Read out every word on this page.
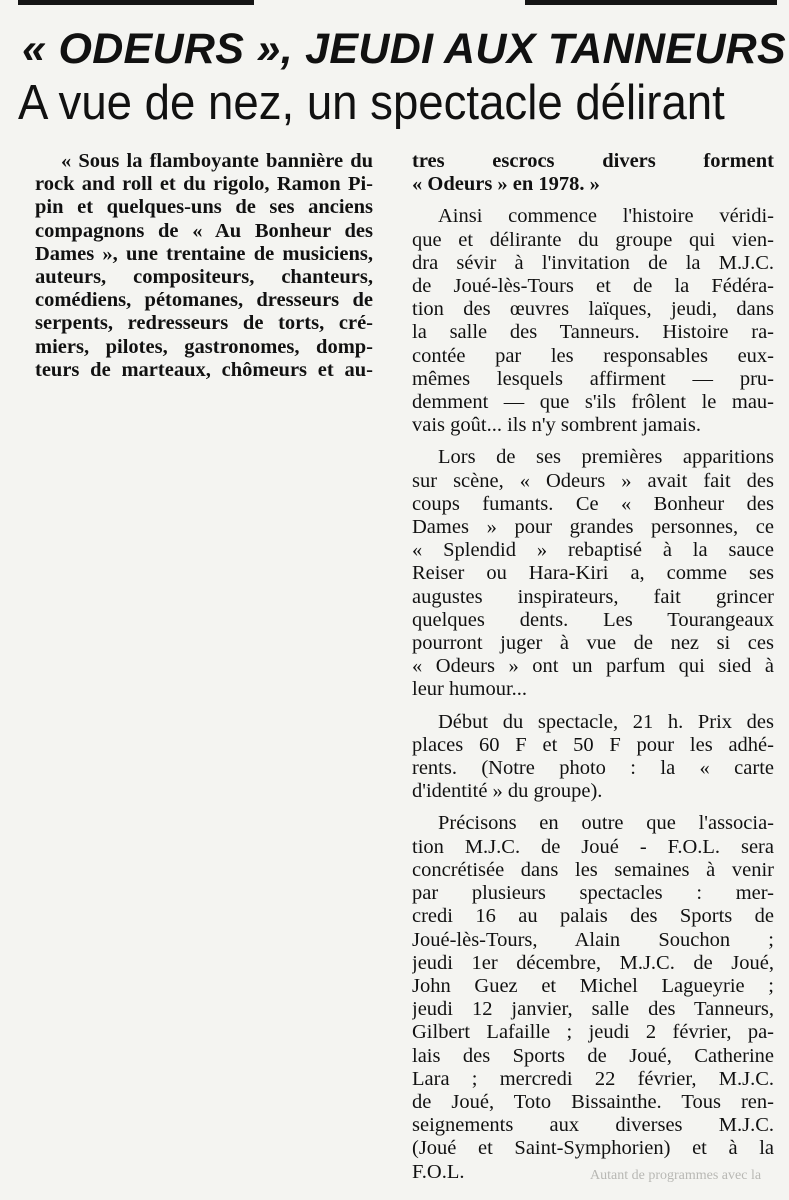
« ODEURS », JEUDI AUX TANNEURS
A vue de nez, un spectacle délirant
« Sous la flamboyante bannière du
rock and roll et du rigolo, Ramon Pi-
pin et quelques-uns de ses anciens
compagnons de « Au Bonheur des
Dames », une trentaine de musiciens,
auteurs, compositeurs, chanteurs,
comédiens, pétomanes, dresseurs de
serpents, redresseurs de torts, cré-
miers, pilotes, gastronomes, domp-
teurs de marteaux, chômeurs et au-
tres escrocs divers forment
« Odeurs » en 1978. »
Ainsi commence l'histoire véridi-
que et délirante du groupe qui vien-
dra sévir à l'invitation de la M.J.C.
de Joué-lès-Tours et de la Fédéra-
tion des œuvres laïques, jeudi, dans
la salle des Tanneurs. Histoire ra-
contée par les responsables eux-
mêmes lesquels affirment — pru-
demment — que s'ils frôlent le mau-
vais goût... ils n'y sombrent jamais.
Lors de ses premières apparitions
sur scène, « Odeurs » avait fait des
coups fumants. Ce « Bonheur des
Dames » pour grandes personnes, ce
« Splendid » rebaptisé à la sauce
Reiser ou Hara-Kiri a, comme ses
augustes inspirateurs, fait grincer
quelques dents. Les Tourangeaux
pourront juger à vue de nez si ces
« Odeurs » ont un parfum qui sied à
leur humour...
Début du spectacle, 21 h. Prix des
places 60 F et 50 F pour les adhé-
rents. (Notre photo : la « carte
d'identité » du groupe).
Précisons en outre que l'associa-
tion M.J.C. de Joué - F.O.L. sera
concrétisée dans les semaines à venir
par plusieurs spectacles : mer-
credi 16 au palais des Sports de
Joué-lès-Tours, Alain Souchon ;
jeudi 1er décembre, M.J.C. de Joué,
John Guez et Michel Lagueyrie ;
jeudi 12 janvier, salle des Tanneurs,
Gilbert Lafaille ; jeudi 2 février, pa-
lais des Sports de Joué, Catherine
Lara ; mercredi 22 février, M.J.C.
de Joué, Toto Bissainthe. Tous ren-
seignements aux diverses M.J.C.
(Joué et Saint-Symphorien) et à la
F.O.L.	Autant de programmes avec la
